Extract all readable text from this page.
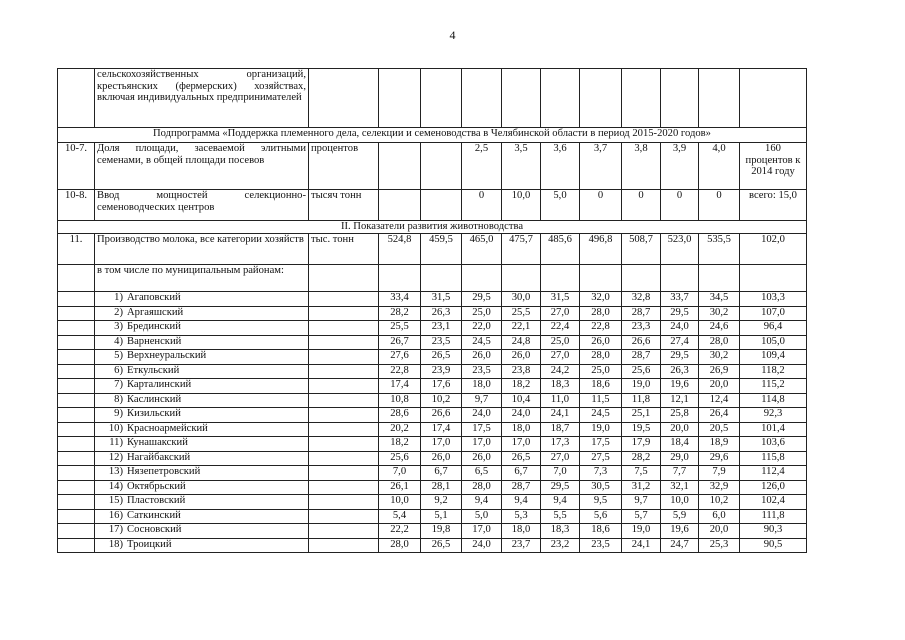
4
	сельскохозяйственных организаций, крестьянских (фермерских) хозяйствах, включая индивидуальных предпринимателей											
Подпрограмма «Поддержка племенного дела, селекции и семеноводства в Челябинской области в период 2015-2020 годов»												
10-7.	Доля площади, засеваемой элитными семенами, в общей площади посевов	процентов			2,5	3,5	3,6	3,7	3,8	3,9	4,0	160 процентов к 2014 году
10-8.	Ввод мощностей селекционно-семеноводческих центров	тысяч тонн			0	10,0	5,0	0	0	0	0	всего: 15,0
II. Показатели развития животноводства												
11.	Производство молока, все категории хозяйств	тыс. тонн	524,8	459,5	465,0	475,7	485,6	496,8	508,7	523,0	535,5	102,0
	в том числе по муниципальным районам:											
	1) Агаповский		33,4	31,5	29,5	30,0	31,5	32,0	32,8	33,7	34,5	103,3
	2) Аргаяшский		28,2	26,3	25,0	25,5	27,0	28,0	28,7	29,5	30,2	107,0
	3) Брединский		25,5	23,1	22,0	22,1	22,4	22,8	23,3	24,0	24,6	96,4
	4) Варненский		26,7	23,5	24,5	24,8	25,0	26,0	26,6	27,4	28,0	105,0
	5) Верхнеуральский		27,6	26,5	26,0	26,0	27,0	28,0	28,7	29,5	30,2	109,4
	6) Еткульский		22,8	23,9	23,5	23,8	24,2	25,0	25,6	26,3	26,9	118,2
	7) Карталинский		17,4	17,6	18,0	18,2	18,3	18,6	19,0	19,6	20,0	115,2
	8) Каслинский		10,8	10,2	9,7	10,4	11,0	11,5	11,8	12,1	12,4	114,8
	9) Кизильский		28,6	26,6	24,0	24,0	24,1	24,5	25,1	25,8	26,4	92,3
	10) Красноармейский		20,2	17,4	17,5	18,0	18,7	19,0	19,5	20,0	20,5	101,4
	11) Кунашакский		18,2	17,0	17,0	17,0	17,3	17,5	17,9	18,4	18,9	103,6
	12) Нагайбакский		25,6	26,0	26,0	26,5	27,0	27,5	28,2	29,0	29,6	115,8
	13) Нязепетровский		7,0	6,7	6,5	6,7	7,0	7,3	7,5	7,7	7,9	112,4
	14) Октябрьский		26,1	28,1	28,0	28,7	29,5	30,5	31,2	32,1	32,9	126,0
	15) Пластовский		10,0	9,2	9,4	9,4	9,4	9,5	9,7	10,0	10,2	102,4
	16) Саткинский		5,4	5,1	5,0	5,3	5,5	5,6	5,7	5,9	6,0	111,8
	17) Сосновский		22,2	19,8	17,0	18,0	18,3	18,6	19,0	19,6	20,0	90,3
	18) Троицкий		28,0	26,5	24,0	23,7	23,2	23,5	24,1	24,7	25,3	90,5
